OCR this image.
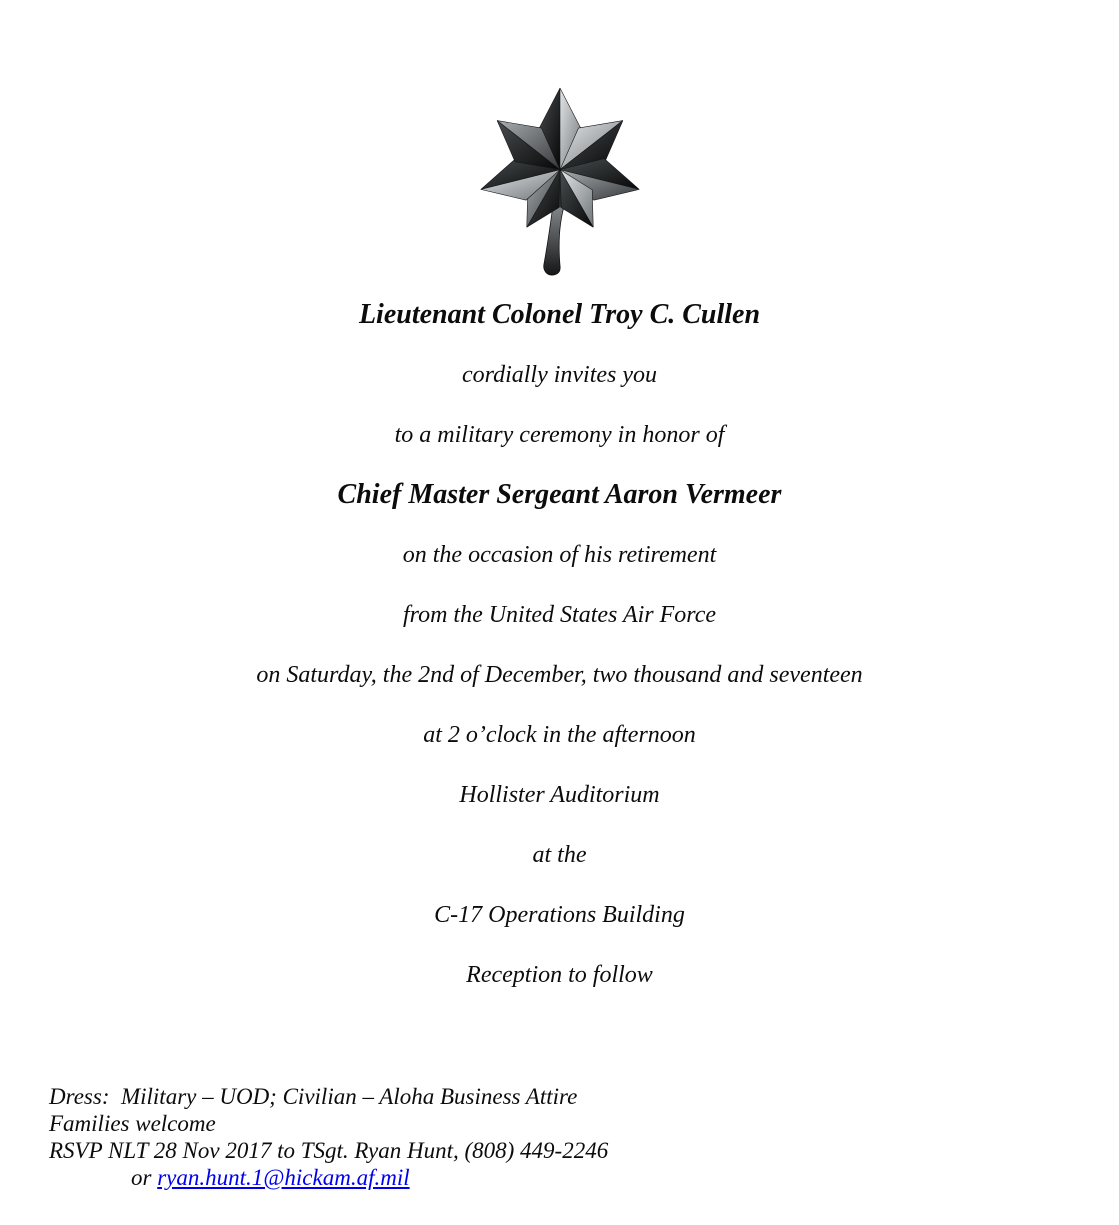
Lieutenant Colonel Troy C. Cullen

cordially invites you

to a military ceremony in honor of

Chief Master Sergeant Aaron Vermeer

on the occasion of his retirement

from the United States Air Force

on Saturday, the 2nd of December, two thousand and seventeen

at 2 o’clock in the afternoon

Hollister Auditorium

at the

C-17 Operations Building

Reception to follow

Dress:  Military – UOD; Civilian – Aloha Business Attire

Families welcome

RSVP NLT 28 Nov 2017 to TSgt. Ryan Hunt, (808) 449-2246

or ryan.hunt.1@hickam.af.mil
